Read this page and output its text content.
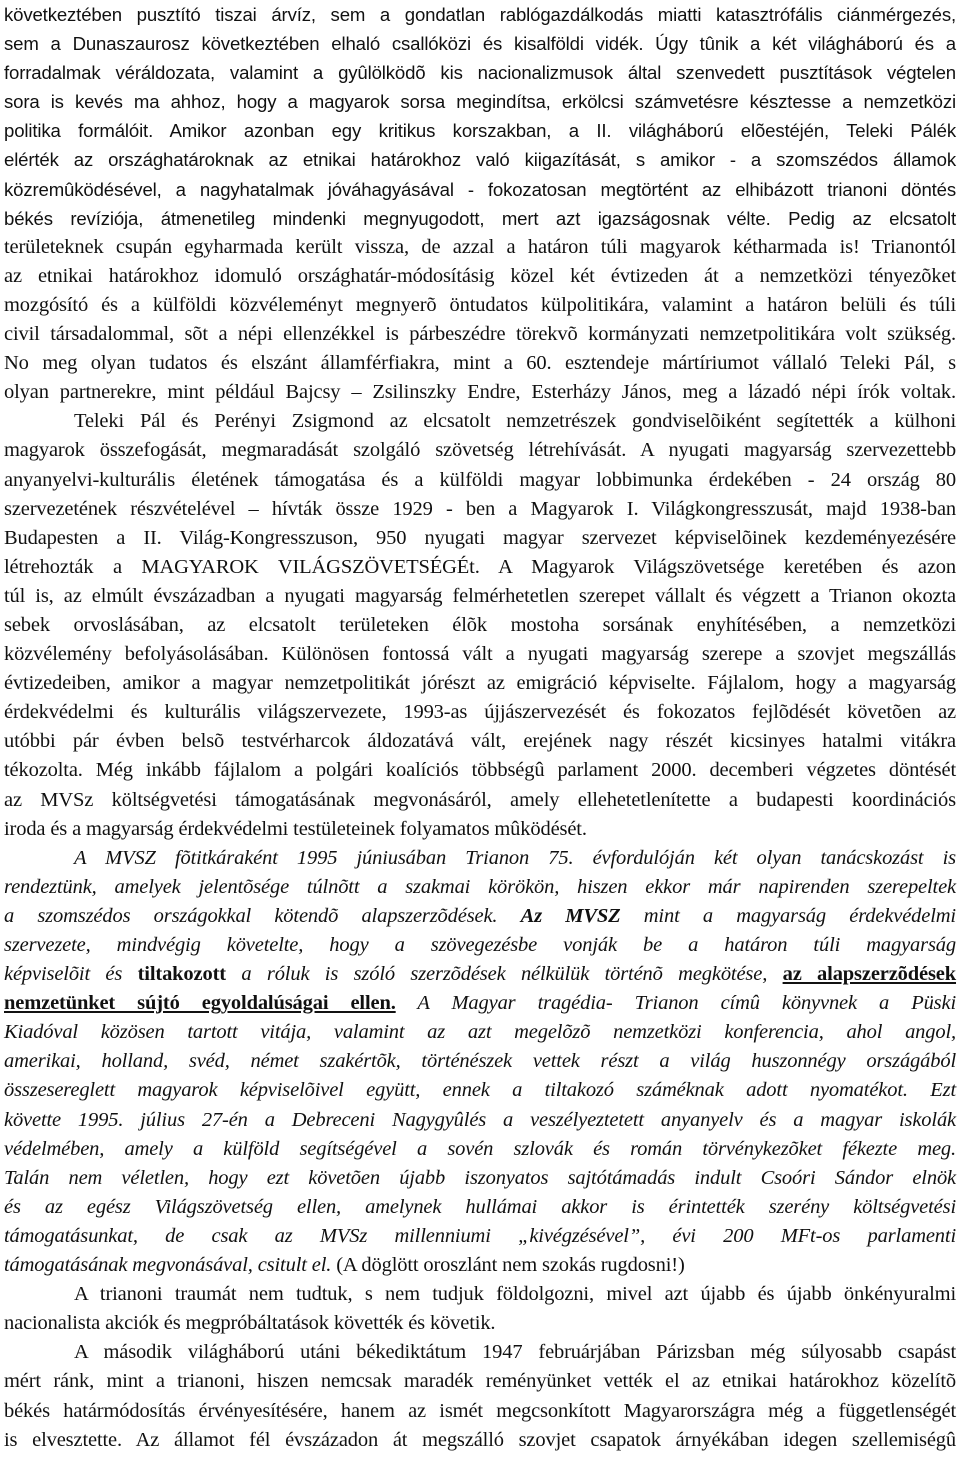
következtében pusztító tiszai árvíz, sem a gondatlan rablógazdálkodás miatti katasztrófális ciánmérgezés,
sem a Dunaszaurosz következtében elhaló csallóközi és kisalföldi vidék. Úgy tûnik a két világháború és a
forradalmak véráldozata, valamint a gyûlölködõ kis nacionalizmusok által szenvedett pusztítások végtelen
sora is kevés ma ahhoz, hogy a magyarok sorsa megindítsa, erkölcsi számvetésre késztesse a nemzetközi
politika formálóit. Amikor azonban egy kritikus korszakban, a II. világháború elõestéjén, Teleki Pálék
elérték az országhatároknak az etnikai határokhoz való kiigazítását, s amikor - a szomszédos államok
közremûködésével, a nagyhatalmak jóváhagyásával - fokozatosan megtörtént az elhibázott trianoni döntés
békés revíziója, átmenetileg mindenki megnyugodott, mert azt igazságosnak vélte. Pedig az elcsatolt
területeknek csupán egyharmada került vissza, de azzal a határon túli magyarok kétharmada is! Trianontól
az etnikai határokhoz idomuló országhatár-módosításig közel két évtizeden át a nemzetközi tényezõket
mozgósító és a külföldi közvéleményt megnyerõ öntudatos külpolitikára, valamint a határon belüli és túli
civil társadalommal, sõt a népi ellenzékkel is párbeszédre törekvõ kormányzati nemzetpolitikára volt szükség.
No meg olyan tudatos és elszánt államférfiakra, mint a 60. esztendeje mártíriumot vállaló Teleki Pál, s
olyan partnerekre, mint például Bajcsy – Zsilinszky Endre, Esterházy János, meg a lázadó népi írók voltak.
Teleki Pál és Perényi Zsigmond az elcsatolt nemzetrészek gondviselõiként segítették a külhoni
magyarok összefogását, megmaradását szolgáló szövetség létrehívását. A nyugati magyarság szervezettebb
anyanyelvi-kulturális életének támogatása és a külföldi magyar lobbimunka érdekében - 24 ország 80
szervezetének részvételével – hívták össze 1929 - ben a Magyarok I. Világkongresszusát, majd 1938-ban
Budapesten a II. Világ-Kongresszuson, 950 nyugati magyar szervezet képviselõinek kezdeményezésére
létrehozták a MAGYAROK VILÁGSZÖVETSÉGÉt. A Magyarok Világszövetsége keretében és azon
túl is, az elmúlt évszázadban a nyugati magyarság felmérhetetlen szerepet vállalt és végzett a Trianon okozta
sebek orvoslásában, az elcsatolt területeken élõk mostoha sorsának enyhítésében, a nemzetközi
közvélemény befolyásolásában. Különösen fontossá vált a nyugati magyarság szerepe a szovjet megszállás
évtizedeiben, amikor a magyar nemzetpolitikát jórészt az emigráció képviselte. Fájlalom, hogy a magyarság
érdekvédelmi és kulturális világszervezete, 1993-as újjászervezését és fokozatos fejlõdését követõen az
utóbbi pár évben belsõ testvérharcok áldozatává vált, erejének nagy részét kicsinyes hatalmi vitákra
tékozolta. Még inkább fájlalom a polgári koalíciós többségû parlament 2000. decemberi végzetes döntését
az MVSz költségvetési támogatásának megvonásáról, amely ellehetetlenítette a budapesti koordinációs
iroda és a magyarság érdekvédelmi testületeinek folyamatos mûködését.
A MVSZ fõtitkáraként 1995 júniusában Trianon 75. évfordulóján két olyan tanácskozást is
rendeztünk, amelyek jelentõsége túlnõtt a szakmai körökön, hiszen ekkor már napirenden szerepeltek
a szomszédos országokkal kötendõ alapszerzõdések. Az MVSZ mint a magyarság érdekvédelmi
szervezete, mindvégig követelte, hogy a szövegezésbe vonják be a határon túli magyarság
képviselõit és tiltakozott a róluk is szóló szerzõdések nélkülük történõ megkötése, az alapszerzõdések
nemzetünket sújtó egyoldalúságai ellen. A Magyar tragédia- Trianon címû könyvnek a Püski
Kiadóval közösen tartott vitája, valamint az azt megelõzõ nemzetközi konferencia, ahol angol,
amerikai, holland, svéd, német szakértõk, történészek vettek részt a világ huszonnégy országából
összesereglett magyarok képviselõivel együtt, ennek a tiltakozó száméknak adott nyomatékot. Ezt
követte 1995. július 27-én a Debreceni Nagygyûlés a veszélyeztetett anyanyelv és a magyar iskolák
védelmében, amely a külföld segítségével a sovén szlovák és román törvénykezõket fékezte meg.
Talán nem véletlen, hogy ezt követõen újabb iszonyatos sajtótámadás indult Csoóri Sándor elnök
és az egész Világszövetség ellen, amelynek hullámai akkor is érintették szerény költségvetési
támogatásunkat, de csak az MVSz millenniumi „kivégzésével”, évi 200 MFt-os parlamenti
támogatásának megvonásával, csitult el. (A döglött oroszlánt nem szokás rugdosni!)
A trianoni traumát nem tudtuk, s nem tudjuk földolgozni, mivel azt újabb és újabb önkényuralmi
nacionalista akciók és megpróbáltatások követték és követik.
A második világháború utáni békediktátum 1947 februárjában Párizsban még súlyosabb csapást
mért ránk, mint a trianoni, hiszen nemcsak maradék reményünket vették el az etnikai határokhoz közelítõ
békés határmódosítás érvényesítésére, hanem az ismét megcsonkított Magyarországra még a függetlenségét
is elvesztette. Az államot fél évszázadon át megszálló szovjet csapatok árnyékában idegen szellemiségû
